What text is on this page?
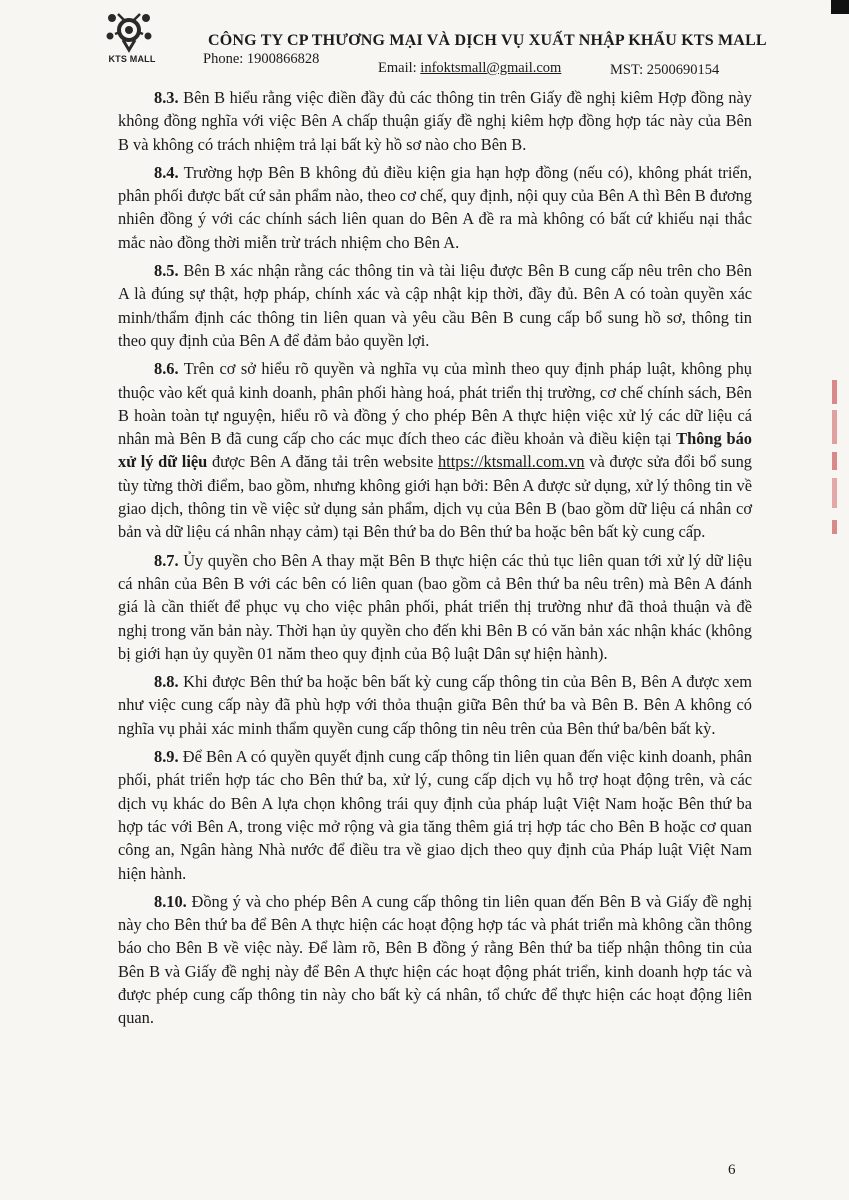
KTS MALL
CÔNG TY CP THƯƠNG MẠI VÀ DỊCH VỤ XUẤT NHẬP KHẨU KTS MALL
Phone: 1900866828
Email: infoktsmall@gmail.com	MST: 2500690154

8.3. Bên B hiểu rằng việc điền đầy đủ các thông tin trên Giấy đề nghị kiêm Hợp đồng này không đồng nghĩa với việc Bên A chấp thuận giấy đề nghị kiêm hợp đồng hợp tác này của Bên B và không có trách nhiệm trả lại bất kỳ hồ sơ nào cho Bên B.

8.4. Trường hợp Bên B không đủ điều kiện gia hạn hợp đồng (nếu có), không phát triển, phân phối được bất cứ sản phẩm nào, theo cơ chế, quy định, nội quy của Bên A thì Bên B đương nhiên đồng ý với các chính sách liên quan do Bên A đề ra mà không có bất cứ khiếu nại thắc mắc nào đồng thời miễn trừ trách nhiệm cho Bên A.

8.5. Bên B xác nhận rằng các thông tin và tài liệu được Bên B cung cấp nêu trên cho Bên A là đúng sự thật, hợp pháp, chính xác và cập nhật kịp thời, đầy đủ. Bên A có toàn quyền xác minh/thẩm định các thông tin liên quan và yêu cầu Bên B cung cấp bổ sung hồ sơ, thông tin theo quy định của Bên A để đảm bảo quyền lợi.

8.6. Trên cơ sở hiểu rõ quyền và nghĩa vụ của mình theo quy định pháp luật, không phụ thuộc vào kết quả kinh doanh, phân phối hàng hoá, phát triển thị trường, cơ chế chính sách, Bên B hoàn toàn tự nguyện, hiểu rõ và đồng ý cho phép Bên A thực hiện việc xử lý các dữ liệu cá nhân mà Bên B đã cung cấp cho các mục đích theo các điều khoản và điều kiện tại Thông báo xử lý dữ liệu được Bên A đăng tải trên website https://ktsmall.com.vn và được sửa đổi bổ sung tùy từng thời điểm, bao gồm, nhưng không giới hạn bởi: Bên A được sử dụng, xử lý thông tin về giao dịch, thông tin về việc sử dụng sản phẩm, dịch vụ của Bên B (bao gồm dữ liệu cá nhân cơ bản và dữ liệu cá nhân nhạy cảm) tại Bên thứ ba do Bên thứ ba hoặc bên bất kỳ cung cấp.

8.7. Ủy quyền cho Bên A thay mặt Bên B thực hiện các thủ tục liên quan tới xử lý dữ liệu cá nhân của Bên B với các bên có liên quan (bao gồm cả Bên thứ ba nêu trên) mà Bên A đánh giá là cần thiết để phục vụ cho việc phân phối, phát triển thị trường như đã thoả thuận và đề nghị trong văn bản này. Thời hạn ủy quyền cho đến khi Bên B có văn bản xác nhận khác (không bị giới hạn ủy quyền 01 năm theo quy định của Bộ luật Dân sự hiện hành).

8.8. Khi được Bên thứ ba hoặc bên bất kỳ cung cấp thông tin của Bên B, Bên A được xem như việc cung cấp này đã phù hợp với thỏa thuận giữa Bên thứ ba và Bên B. Bên A không có nghĩa vụ phải xác minh thẩm quyền cung cấp thông tin nêu trên của Bên thứ ba/bên bất kỳ.

8.9. Để Bên A có quyền quyết định cung cấp thông tin liên quan đến việc kinh doanh, phân phối, phát triển hợp tác cho Bên thứ ba, xử lý, cung cấp dịch vụ hỗ trợ hoạt động trên, và các dịch vụ khác do Bên A lựa chọn không trái quy định của pháp luật Việt Nam hoặc Bên thứ ba hợp tác với Bên A, trong việc mở rộng và gia tăng thêm giá trị hợp tác cho Bên B hoặc cơ quan công an, Ngân hàng Nhà nước để điều tra về giao dịch theo quy định của Pháp luật Việt Nam hiện hành.

8.10. Đồng ý và cho phép Bên A cung cấp thông tin liên quan đến Bên B và Giấy đề nghị này cho Bên thứ ba để Bên A thực hiện các hoạt động hợp tác và phát triển mà không cần thông báo cho Bên B về việc này. Để làm rõ, Bên B đồng ý rằng Bên thứ ba tiếp nhận thông tin của Bên B và Giấy đề nghị này để Bên A thực hiện các hoạt động phát triển, kinh doanh hợp tác và được phép cung cấp thông tin này cho bất kỳ cá nhân, tổ chức để thực hiện các hoạt động liên quan.

6
